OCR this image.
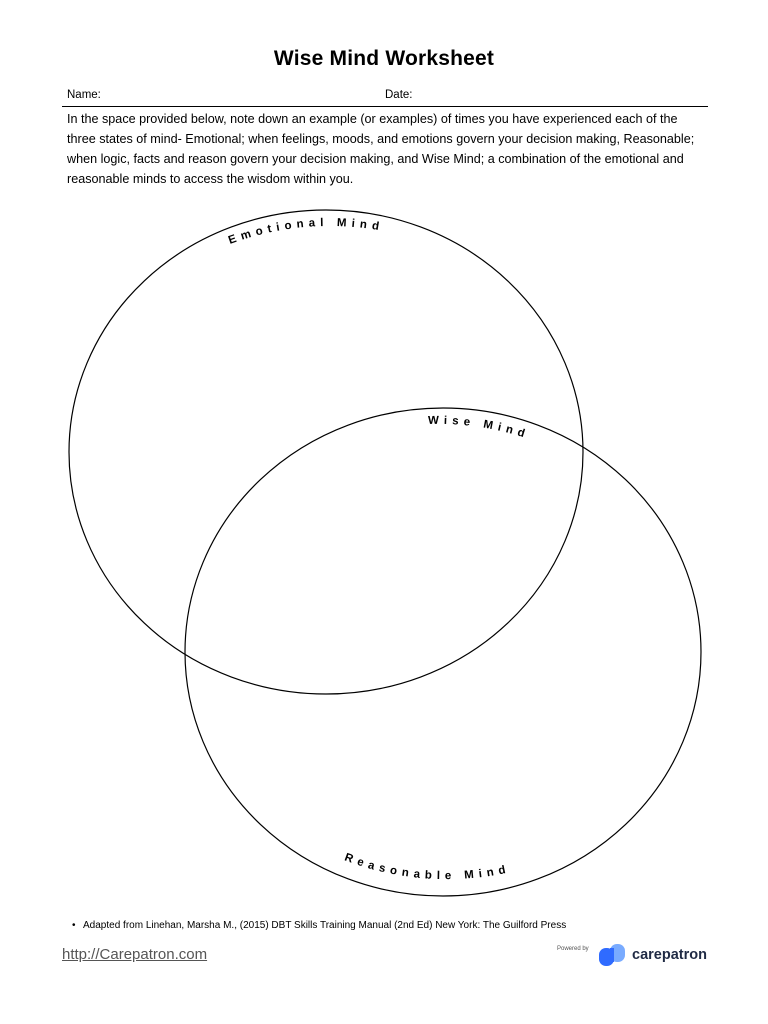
Wise Mind Worksheet
Name:	Date:
In the space provided below, note down an example (or examples) of times you have experienced each of the three states of mind- Emotional; when feelings, moods, and emotions govern your decision making, Reasonable; when logic, facts and reason govern your decision making, and Wise Mind; a combination of the emotional and reasonable minds to access the wisdom within you.
Emotional Mind
Wise Mind
Reasonable Mind
• Adapted from Linehan, Marsha M., (2015) DBT Skills Training Manual (2nd Ed) New York: The Guilford Press
http://Carepatron.com	Powered by	carepatron
